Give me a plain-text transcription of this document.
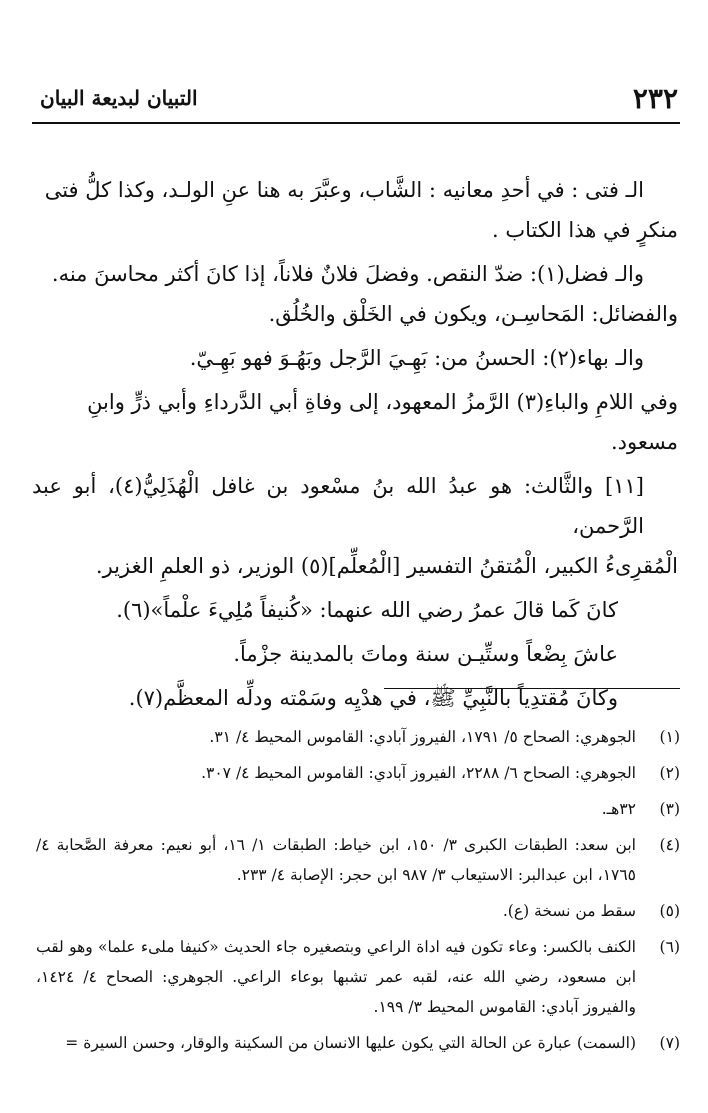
٢٣٢
التبيان لبديعة البيان

الـ فتى : في أحدِ معانيه : الشَّاب، وعبَّرَ به هنا عنِ الولـد، وكذا كلُّ فتى

منكرٍ في هذا الكتاب .

والـ فضل(١): ضدّ النقص. وفضلَ فلانٌ فلاناً، إذا كانَ أكثر محاسنَ منه.

والفضائل: المَحاسِـن، ويكون في الخَلْق والخُلُق.

والـ بهاء(٢): الحسنُ من: بَهِـيَ الرَّجل وبَهُـوَ فهو بَهِـيّ.

وفي اللامِ والباءِ(٣) الرَّمزُ المعهود، إلى وفاةِ أبي الدَّرداءِ وأبي ذرٍّ وابنِ

مسعود.

[١١] والثَّالث: هو عبدُ الله بنُ مسْعود بن غافل الْهُذَلِيُّ(٤)، أبو عبد الرَّحمن،

الْمُقرِىءُ الكبير، الْمُتقنُ التفسير [الْمُعلِّم](٥) الوزير، ذو العلمِ الغزير.

كانَ كَما قالَ عمرُ رضي الله عنهما: «كُنيفاً مُلِيءَ علْماً»(٦).

عاشَ بِضْعاً وستِّيـن سنة وماتَ بالمدينة جزْماً.

وكانَ مُقتدِياً بالنَّبِيِّ ﷺ، في هدْيِه وسَمْته ودلِّه المعظَّم(٧).

(١)
الجوهري: الصحاح ٥/ ١٧٩١، الفيروز آبادي: القاموس المحيط ٤/ ٣١.
(٢)
الجوهري: الصحاح ٦/ ٢٢٨٨، الفيروز آبادي: القاموس المحيط ٤/ ٣٠٧.
(٣)
٣٢هـ.
(٤)
ابن سعد: الطبقات الكبرى ٣/ ١٥٠، ابن خياط: الطبقات ١/ ١٦، أبو نعيم: معرفة الصَّحابة ٤/ ١٧٦٥، ابن عبدالبر: الاستيعاب ٣/ ٩٨٧ ابن حجر: الإصابة ٤/ ٢٣٣.
(٥)
سقط من نسخة (ع).
(٦)
الكنف بالكسر: وعاء تكون فيه اداة الراعي وبتصغيره جاء الحديث «كنيفا ملىء علما» وهو لقب ابن مسعود، رضي الله عنه، لقبه عمر تشبها بوعاء الراعي. الجوهري: الصحاح ٤/ ١٤٢٤، والفيروز آبادي: القاموس المحيط ٣/ ١٩٩.
(٧)
(السمت) عبارة عن الحالة التي يكون عليها الانسان من السكينة والوقار، وحسن السيرة =
